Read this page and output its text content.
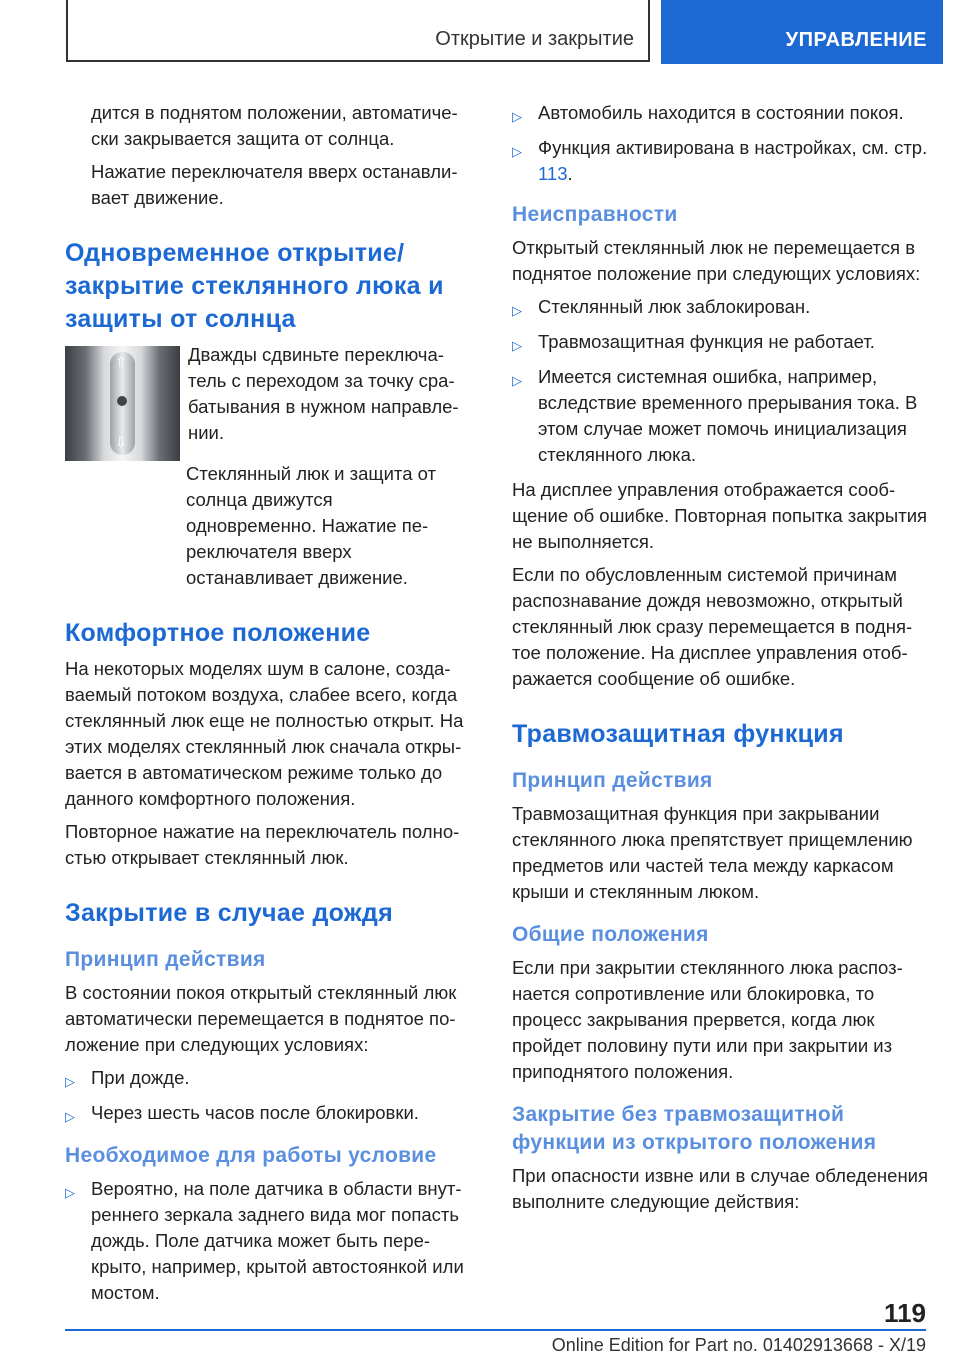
Открытие и закрытие	УПРАВЛЕНИЕ

дится в поднятом положении, автоматически закрывается защита от солнца.

Нажатие переключателя вверх останавливает движение.

Одновременное открытие/ закрытие стеклянного люка и защиты от солнца
⇧
⇩

Дважды сдвиньте переключатель с переходом за точку срабатывания в нужном направлении.

Стеклянный люк и защита от солнца движутся одновременно. Нажатие переключателя вверх останавливает движение.

Комфортное положение

На некоторых моделях шум в салоне, создаваемый потоком воздуха, слабее всего, когда стеклянный люк еще не полностью открыт. На этих моделях стеклянный люк сначала открывается в автоматическом режиме только до данного комфортного положения.

Повторное нажатие на переключатель полностью открывает стеклянный люк.

Закрытие в случае дождя
Принцип действия

В состоянии покоя открытый стеклянный люк автоматически перемещается в поднятое положение при следующих условиях:

▷ При дожде.
▷ Через шесть часов после блокировки.
Необходимое для работы условие
▷ Вероятно, на поле датчика в области внутреннего зеркала заднего вида мог попасть дождь. Поле датчика может быть перекрыто, например, крытой автостоянкой или мостом.
▷ Автомобиль находится в состоянии покоя.
▷ Функция активирована в настройках, см. стр. 113.
Неисправности

Открытый стеклянный люк не перемещается в поднятое положение при следующих условиях:

▷ Стеклянный люк заблокирован.
▷ Травмозащитная функция не работает.
▷ Имеется системная ошибка, например, вследствие временного прерывания тока. В этом случае может помочь инициализация стеклянного люка.

На дисплее управления отображается сообщение об ошибке. Повторная попытка закрытия не выполняется.

Если по обусловленным системой причинам распознавание дождя невозможно, открытый стеклянный люк сразу перемещается в поднятое положение. На дисплее управления отображается сообщение об ошибке.

Травмозащитная функция
Принцип действия

Травмозащитная функция при закрывании стеклянного люка препятствует прищемлению предметов или частей тела между каркасом крыши и стеклянным люком.

Общие положения

Если при закрытии стеклянного люка распознается сопротивление или блокировка, то процесс закрывания прервется, когда люк пройдет половину пути или при закрытии из приподнятого положения.

Закрытие без травмозащитной функции из открытого положения

При опасности извне или в случае обледенения выполните следующие действия:

119
Online Edition for Part no. 01402913668 - X/19
